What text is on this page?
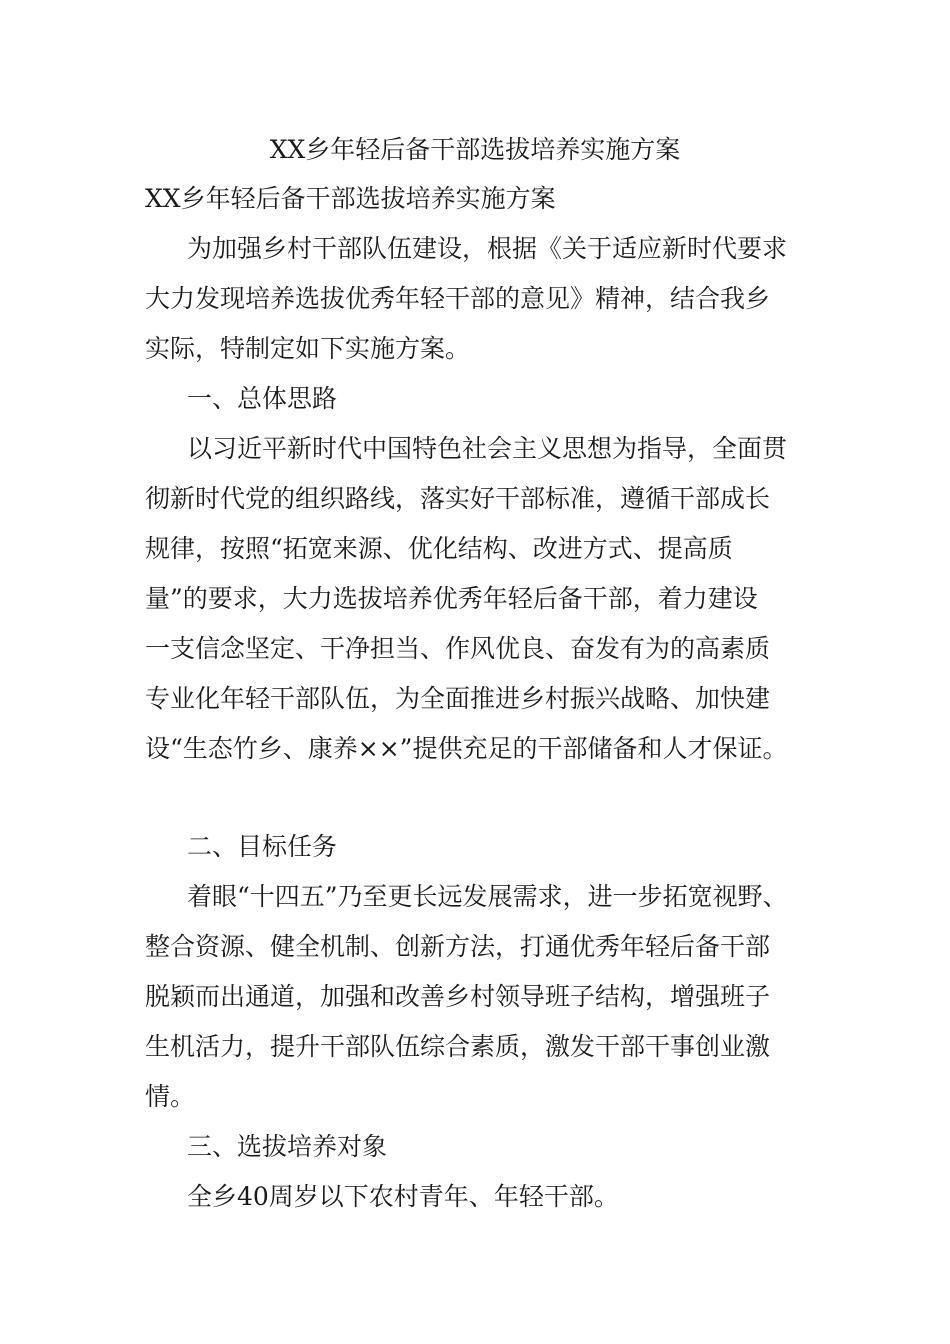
XX乡年轻后备干部选拔培养实施方案
XX乡年轻后备干部选拔培养实施方案
为加强乡村干部队伍建设，根据《关于适应新时代要求
大力发现培养选拔优秀年轻干部的意见》精神，结合我乡
实际，特制定如下实施方案。
一、总体思路
以习近平新时代中国特色社会主义思想为指导，全面贯
彻新时代党的组织路线，落实好干部标准，遵循干部成长
规律，按照“拓宽来源、优化结构、改进方式、提高质
量”的要求，大力选拔培养优秀年轻后备干部，着力建设
一支信念坚定、干净担当、作风优良、奋发有为的高素质
专业化年轻干部队伍，为全面推进乡村振兴战略、加快建
设“生态竹乡、康养××”提供充足的干部储备和人才保证。
二、目标任务
着眼“十四五”乃至更长远发展需求，进一步拓宽视野、
整合资源、健全机制、创新方法，打通优秀年轻后备干部
脱颖而出通道，加强和改善乡村领导班子结构，增强班子
生机活力，提升干部队伍综合素质，激发干部干事创业激
情。
三、选拔培养对象
全乡40周岁以下农村青年、年轻干部。
